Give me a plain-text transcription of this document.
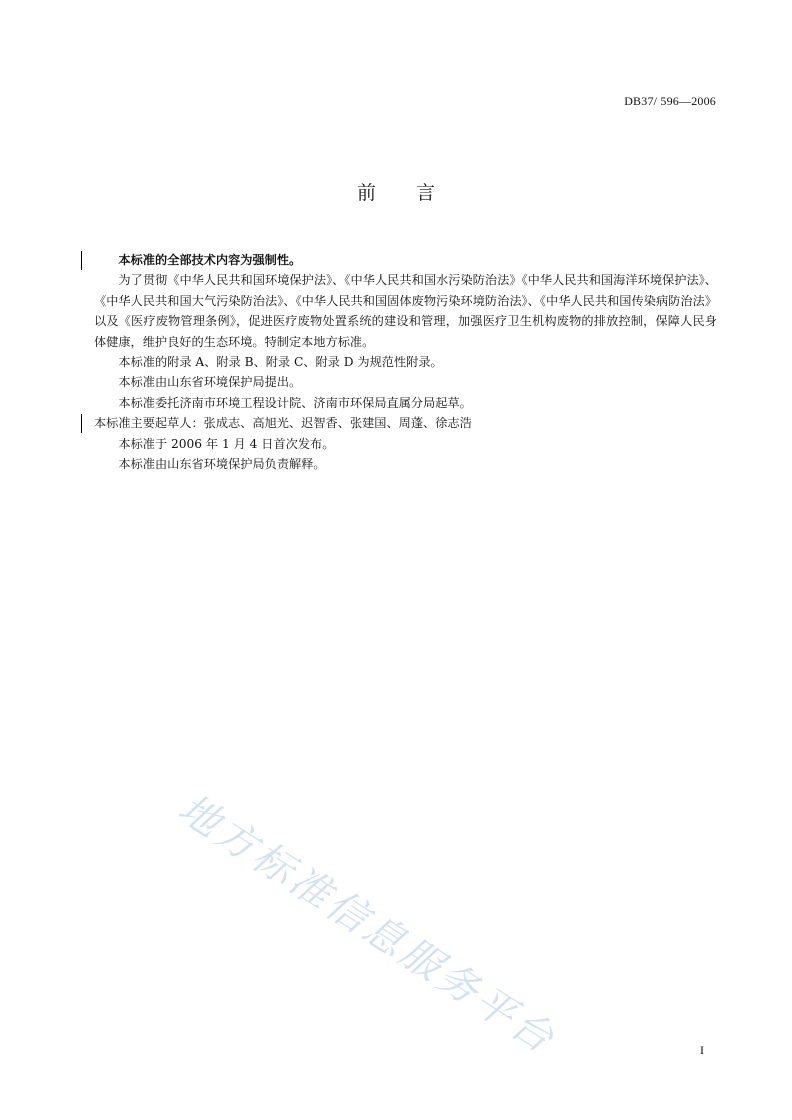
DB37/ 596—2006
前言

本标准的全部技术内容为强制性。

为了贯彻《中华人民共和国环境保护法》、《中华人民共和国水污染防治法》《中华人民共和国海洋环境保护法》、《中华人民共和国大气污染防治法》、《中华人民共和国固体废物污染环境防治法》、《中华人民共和国传染病防治法》以及《医疗废物管理条例》，促进医疗废物处置系统的建设和管理，加强医疗卫生机构废物的排放控制，保障人民身体健康，维护良好的生态环境。特制定本地方标准。

本标准的附录 A、附录 B、附录 C、附录 D 为规范性附录。

本标准由山东省环境保护局提出。

本标准委托济南市环境工程设计院、济南市环保局直属分局起草。

本标准主要起草人：张成志、高旭光、迟智香、张建国、周蓬、徐志浩

本标准于 2006 年 1 月 4 日首次发布。

本标准由山东省环境保护局负责解释。

地方标准信息服务平台	I
